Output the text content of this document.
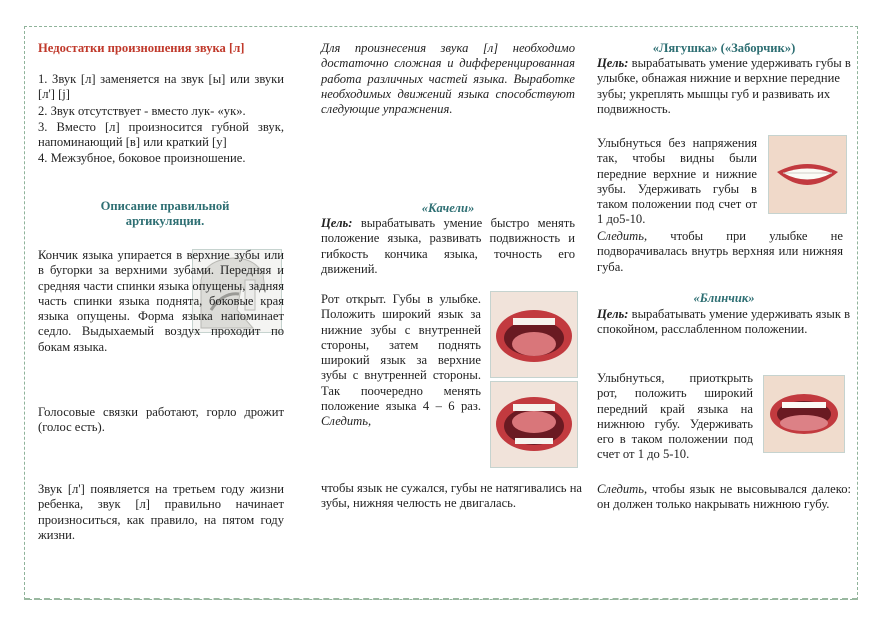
Недостатки произношения звука [л]

1. Звук [л] заменяется на звук [ы] или звуки [л'] [j]

2. Звук отсутствует - вместо лук- «ук».

3. Вместо [л] произносится губной звук, напоминающий [в] или краткий [у]

4. Межзубное, боковое произношение.

Описание правильной артикуляции.

Кончик языка упирается в верхние зубы или в бугорки за верхними зубами. Передняя и средняя части спинки языка опущены, задняя часть спинки языка поднята, боковые края языка опущены. Форма языка напоминает седло. Выдыхаемый воздух проходит по бокам языка.

Голосовые связки работают, горло дрожит (голос есть).

Звук [л'] появляется на третьем году жизни ребенка, звук [л] правильно начинает произноситься, как правило, на пятом году жизни.

Для произнесения звука [л] необходимо достаточно сложная и дифференцированная работа различных частей языка. Выработке необходимых движений языка способствуют следующие упражнения.

«Качели»

Цель: вырабатывать умение быстро менять положение языка, развивать подвижность и гибкость кончика языка, точность его движений.

Рот открыт. Губы в улыбке. Положить широкий язык за нижние зубы с внутренней стороны, затем поднять широкий язык за верхние зубы с внутренней стороны. Так поочередно менять положение языка 4 – 6 раз. Следить,

чтобы язык не сужался, губы не натягивались на зубы, нижняя челюсть не двигалась.

«Лягушка» («Заборчик»)

Цель: вырабатывать умение удерживать губы в улыбке, обнажая нижние и верхние передние зубы; укреплять мышцы губ и развивать их подвижность.

Улыбнуться без напряжения так, чтобы видны были передние верхние и нижние зубы. Удерживать губы в таком положении под счет от 1 до5-10.

Следить, чтобы при улыбке не подворачивалась внутрь верхняя или нижняя губа.

«Блинчик»

Цель: вырабатывать умение удерживать язык в спокойном, расслабленном положении.

Улыбнуться, приоткрыть рот, положить широкий передний край языка на нижнюю губу. Удерживать его в таком положении под счет от 1 до 5-10.

Следить, чтобы язык не высовывался далеко: он должен только накрывать нижнюю губу.
